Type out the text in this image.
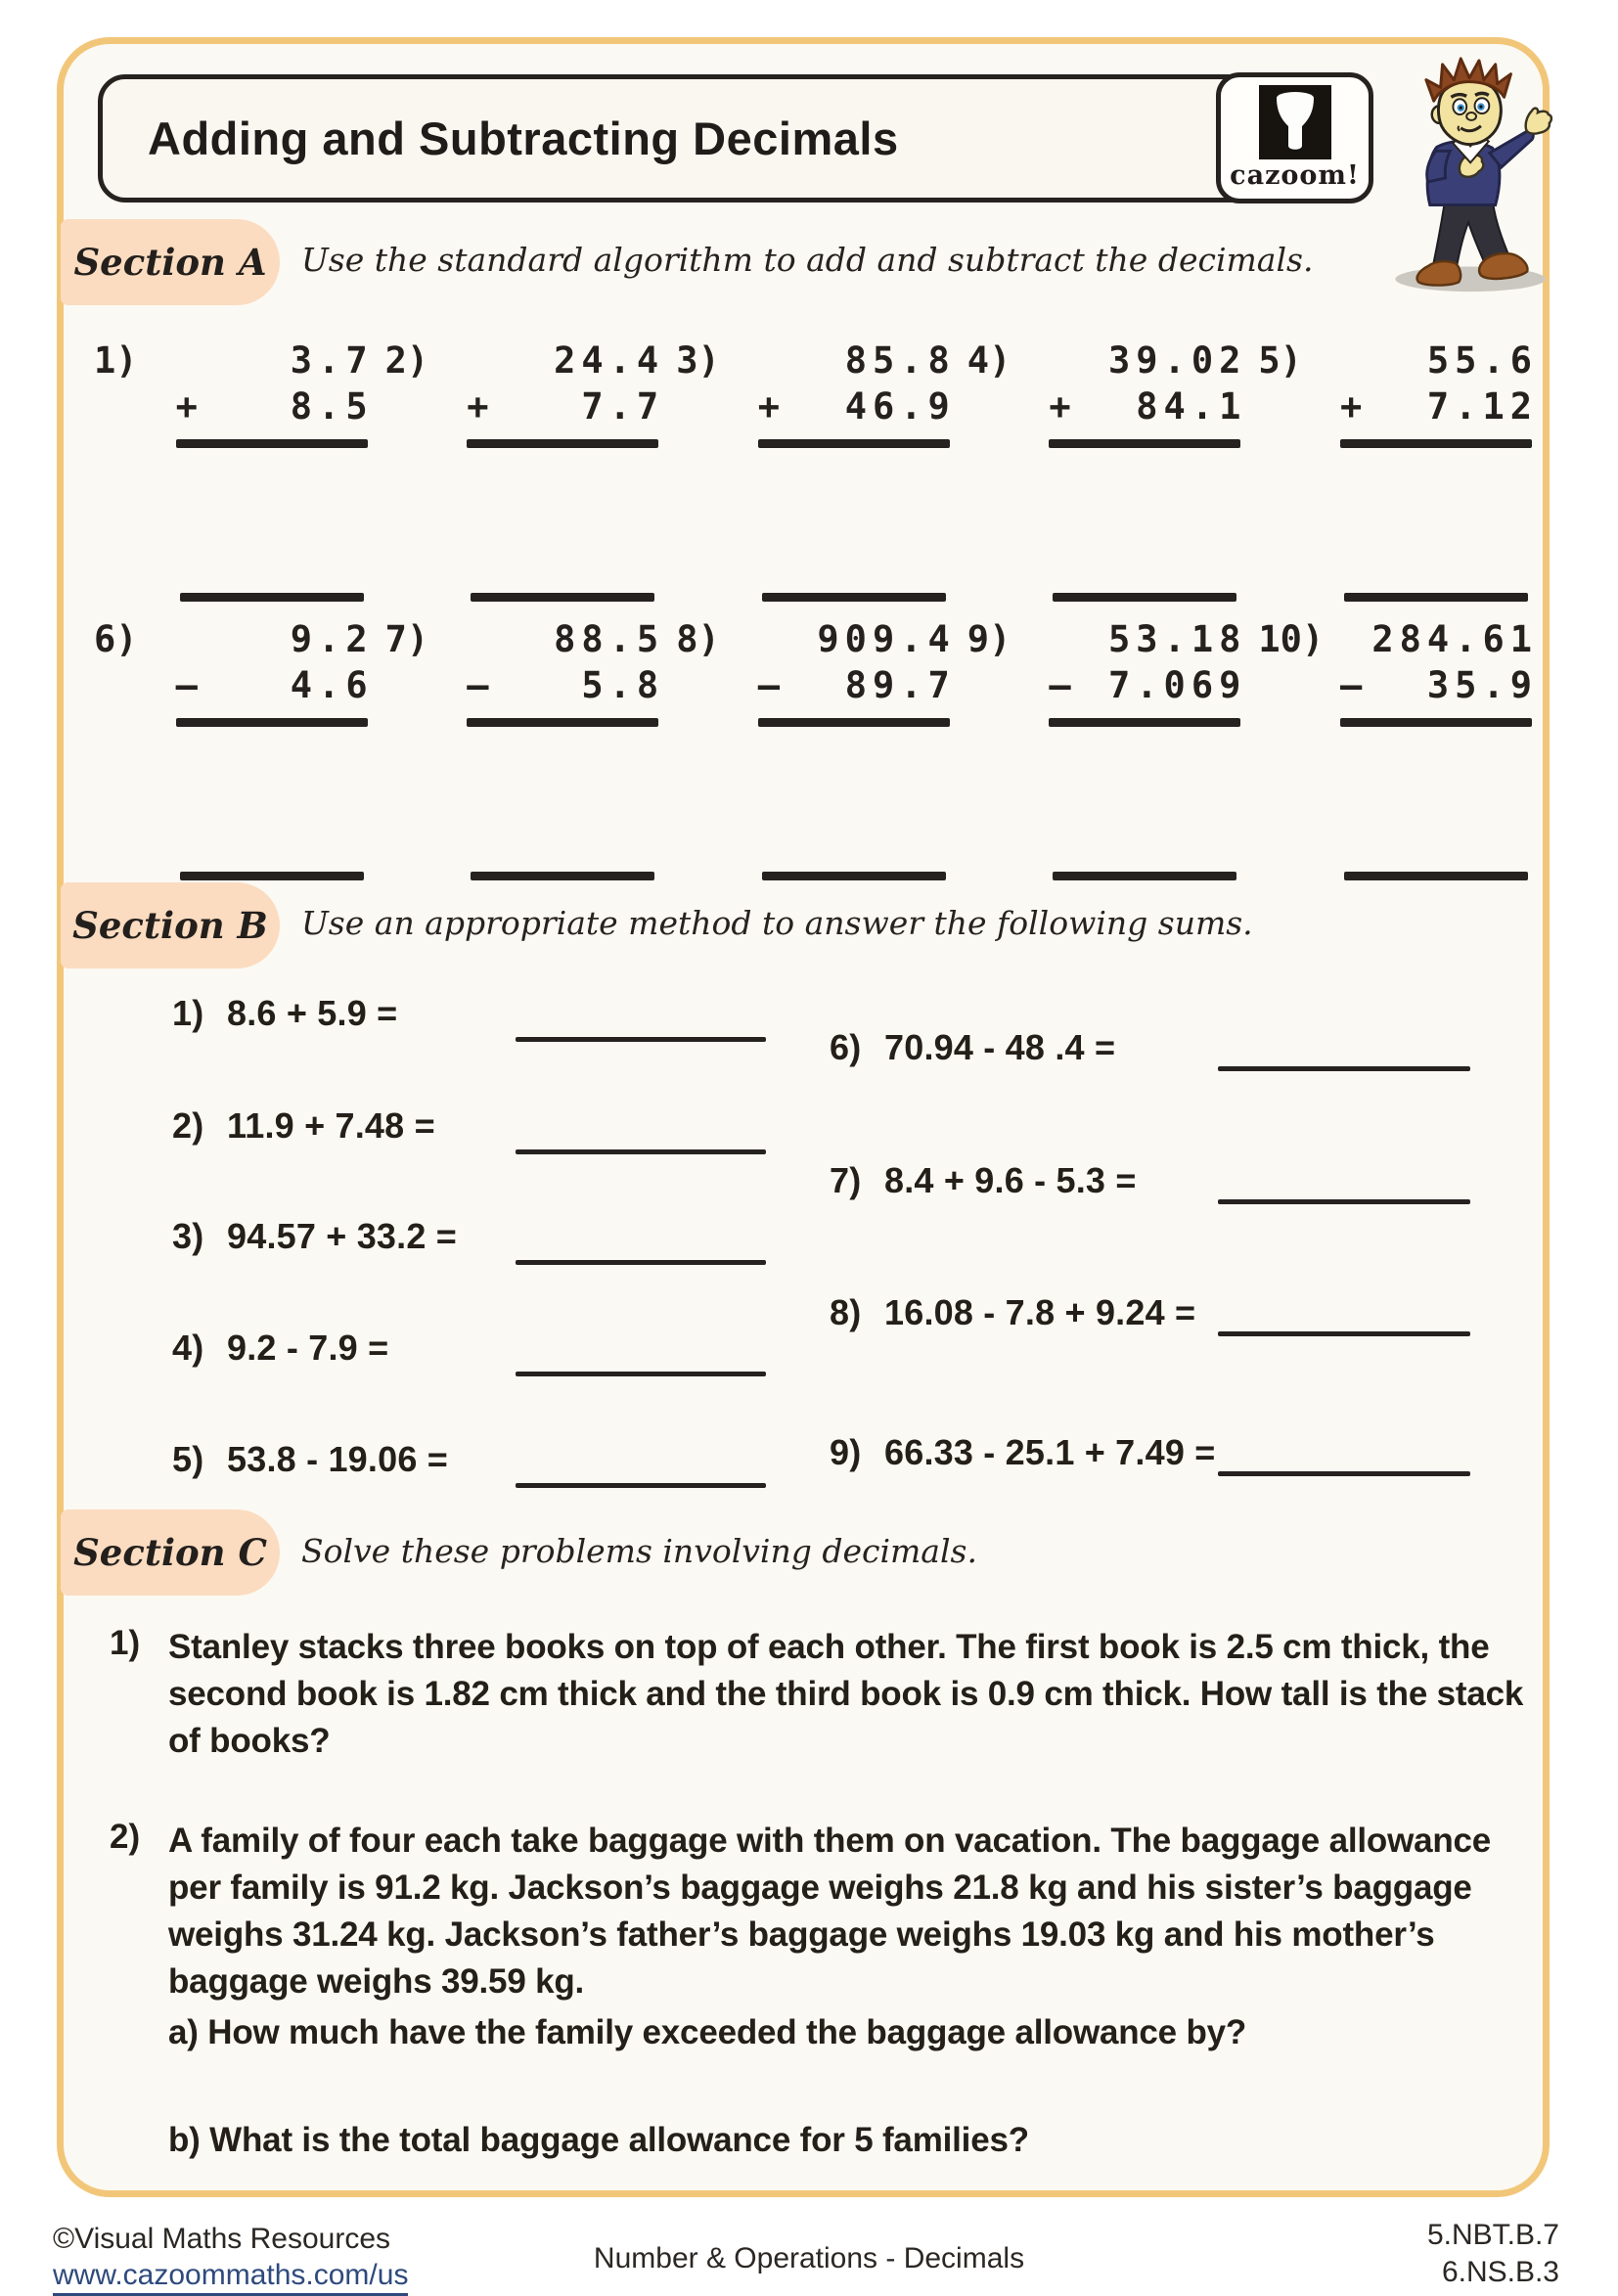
Adding and Subtracting Decimals
cazoom!
Section A Use the standard algorithm to add and subtract the decimals.
1)	3.7
+	8.5
2)	24.4
+	7.7
3)	85.8
+ 46.9
4)	39.02
+ 84.1
5)	55.6
+ 7.12
6)	9.2
–	4.6
7)	88.5
–	5.8
8)	909.4
– 89.7
9)	53.18
– 7.069
10)	284.61
– 35.9
Section B Use an appropriate method to answer the following sums.
1) 8.6 + 5.9 =
2) 11.9 + 7.48 =
3) 94.57 + 33.2 =
4) 9.2 - 7.9 =
5) 53.8 - 19.06 =
6) 70.94 - 48 .4 =
7) 8.4 + 9.6 - 5.3 =
8) 16.08 - 7.8 + 9.24 =
9) 66.33 - 25.1 + 7.49 =
Section C Solve these problems involving decimals.
1) Stanley stacks three books on top of each other. The first book is 2.5 cm thick, the second book is 1.82 cm thick and the third book is 0.9 cm thick. How tall is the stack of books?
2) A family of four each take baggage with them on vacation. The baggage allowance per family is 91.2 kg. Jackson’s baggage weighs 21.8 kg and his sister’s baggage weighs 31.24 kg. Jackson’s father’s baggage weighs 19.03 kg and his mother’s baggage weighs 39.59 kg.
a) How much have the family exceeded the baggage allowance by?
b) What is the total baggage allowance for 5 families?
©Visual Maths Resources
www.cazoommaths.com/us
Number & Operations - Decimals
5.NBT.B.7
6.NS.B.3
